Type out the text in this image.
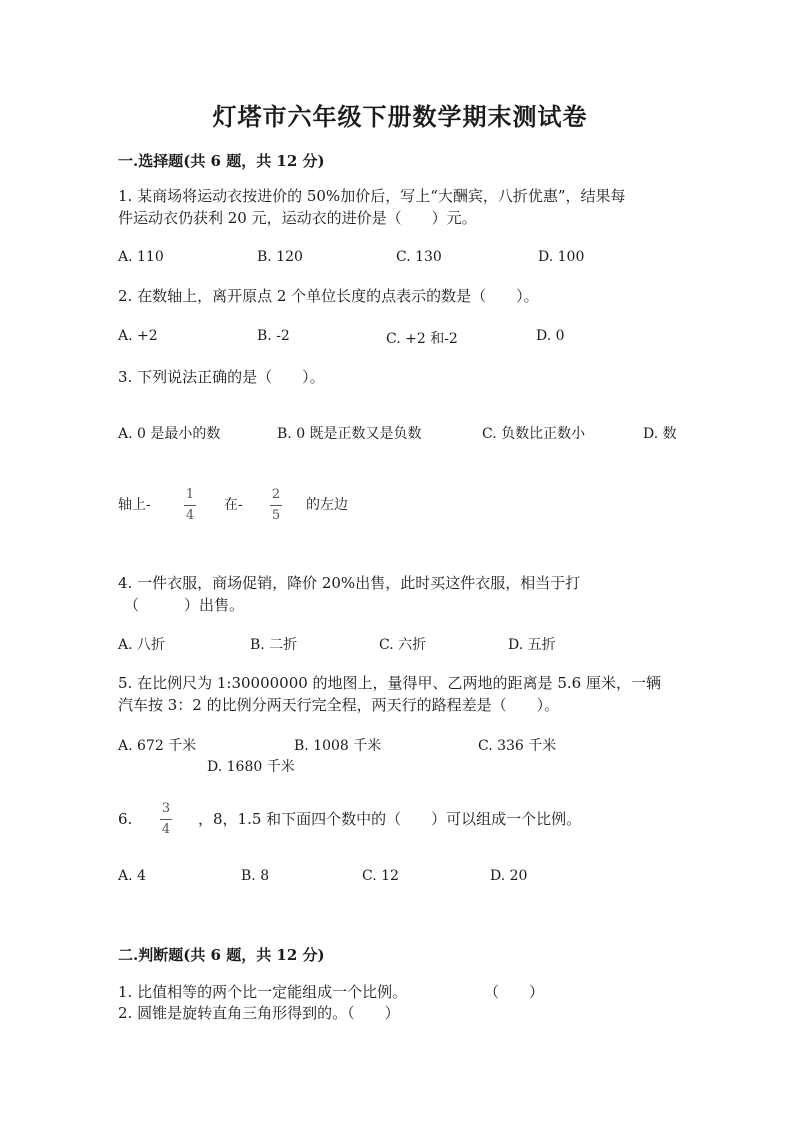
灯塔市六年级下册数学期末测试卷
一.选择题(共 6 题，共 12 分)
1. 某商场将运动衣按进价的 50%加价后，写上“大酬宾，八折优惠”，结果每
件运动衣仍获利 20 元，运动衣的进价是（　　）元。
A. 110	B. 120	C. 130	D. 100
2. 在数轴上，离开原点 2 个单位长度的点表示的数是（　　）。
A. +2	B. -2	C. +2 和-2	D. 0
3. 下列说法正确的是（　　）。
A. 0 是最小的数	B. 0 既是正数又是负数	C. 负数比正数小	D. 数
轴上-
1
4
在-
2
5
的左边
4. 一件衣服，商场促销，降价 20%出售，此时买这件衣服，相当于打
（　　　）出售。
A. 八折	B. 二折	C. 六折	D. 五折
5. 在比例尺为 1:30000000 的地图上，量得甲、乙两地的距离是 5.6 厘米，一辆
汽车按 3：2 的比例分两天行完全程，两天行的路程差是（　　）。
A. 672 千米	B. 1008 千米	C. 336 千米
D. 1680 千米
6.
3
4
，8，1.5 和下面四个数中的（　　）可以组成一个比例。
A. 4	B. 8	C. 12	D. 20
二.判断题(共 6 题，共 12 分)
1. 比值相等的两个比一定能组成一个比例。	（　　）
2. 圆锥是旋转直角三角形得到的。（　　）
